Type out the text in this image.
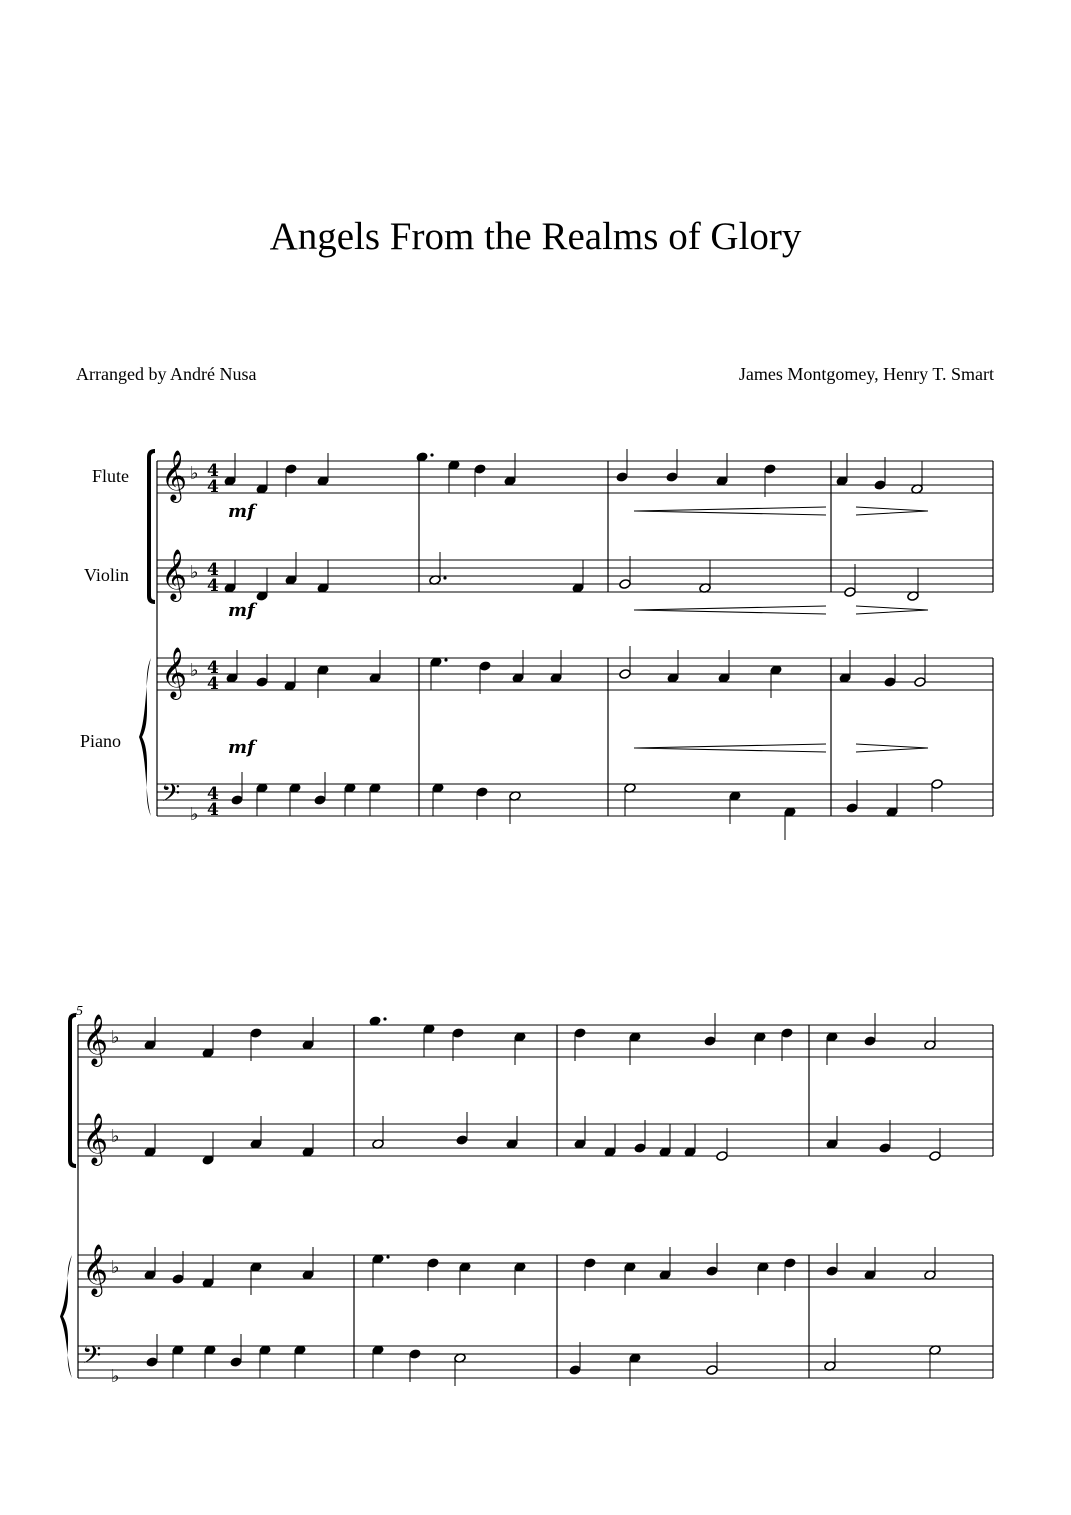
Angels From the Realms of Glory
Arranged by André Nusa	James Montgomey, Henry T. Smart
Flute
Violin
Piano
5
𝄞
𝄞
𝄞
𝄢
𝄞
𝄞
𝄞
𝄢
♭
♭
♭
♭
♭
♭
♭
♭
4
4
4
4
4
4
4
4
mf
mf
mf
